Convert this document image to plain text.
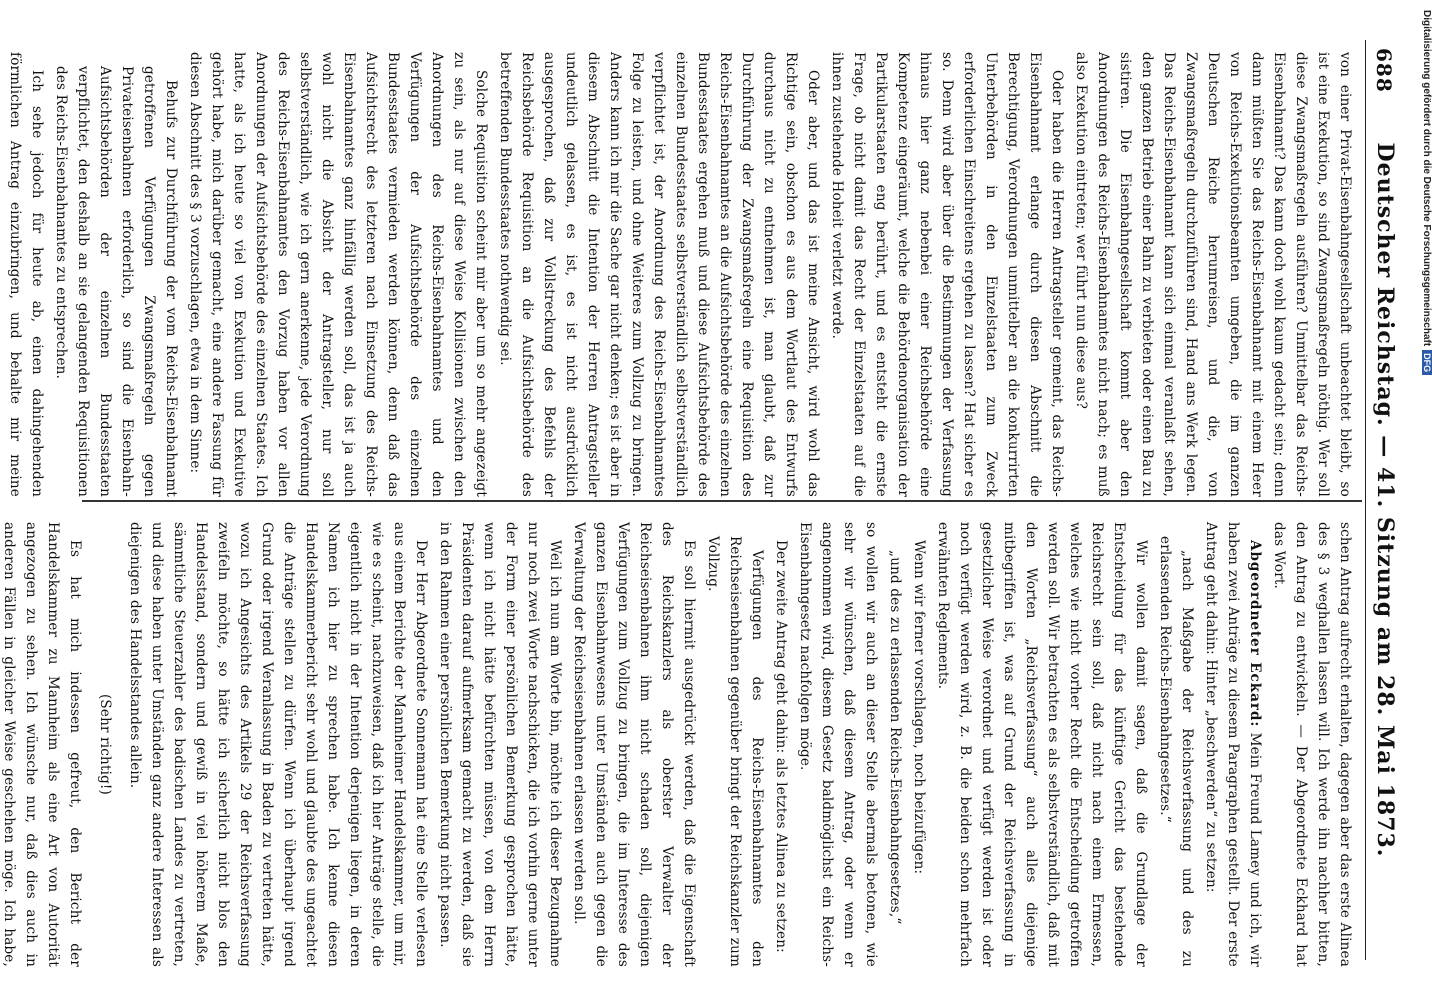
688
Deutscher Reichstag. — 41. Sitzung am 28. Mai 1873.

von einer Privat-Eisenbahngesellschaft unbeachtet bleibt, so ist eine Exekution, so sind Zwangsmaßregeln nöthig. Wer soll diese Zwangsmaßregeln ausführen? Unmittelbar das Reichs-Eisenbahnamt? Das kann doch wohl kaum gedacht sein; denn dann müßten Sie das Reichs-Eisenbahnamt mit einem Heer von Reichs-Exekutionsbeamten umgeben, die im ganzen Deutschen Reiche herumreisen, und die, von Zwangsmaßregeln durchzuführen sind, Hand ans Werk legen. Das Reichs-Eisenbahnamt kann sich einmal veranlaßt sehen, den ganzen Betrieb einer Bahn zu verbieten oder einen Bau zu sistiren. Die Eisenbahngesellschaft kommt aber den Anordnungen des Reichs-Eisenbahnamtes nicht nach; es muß also Exekution eintreten; wer führt nun diese aus?

Oder haben die Herren Antragsteller gemeint, das Reichs-Eisenbahnamt erlange durch diesen Abschnitt die Berechtigung, Verordnungen unmittelber an die konkurrirten Unterbehörden in den Einzelstaaten zum Zweck erforderlichen Einschreitens ergehen zu lassen? Hat sicher es so. Denn wird aber über die Bestimmungen der Verfassung hinaus hier ganz nebenbei einer Reichsbehörde eine Kompetenz eingeräumt, welche die Behördenorganisation der Partikularstaaten eng berührt, und es entsteht die ernste Frage, ob nicht damit das Recht der Einzelstaaten auf die ihnen zustehende Hoheit verletzt werde.

Oder aber, und das ist meine Ansicht, wird wohl das Richtige sein, obschon es aus dem Wortlaut des Entwurfs durchaus nicht zu entnehmen ist, man glaubt, daß zur Durchführung der Zwangsmaßregeln eine Requisition des Reichs-Eisenbahnamtes an die Aufsichtsbehörde des einzelnen Bundesstaates ergehen muß und diese Aufsichtsbehörde des einzelnen Bundesstaates selbstverständlich selbstverständlich verpflichtet ist, der Anordnung des Reichs-Eisenbahnamtes Folge zu leisten, und ohne Weiteres zum Vollzug zu bringen. Anders kann ich mir die Sache gar nicht denken; es ist aber in diesem Abschnitt die Intention der Herren Antragsteller undeutlich gelassen, es ist, es ist nicht ausdrücklich ausgesprochen, daß zur Vollstreckung des Befehls der Reichsbehörde Requisition an die Aufsichtsbehörde des betreffenden Bundesstaates nothwendig sei.

Solche Requisition scheint mir aber um so mehr angezeigt zu sein, als nur auf diese Weise Kollisionen zwischen den Anordnungen des Reichs-Eisenbahnamtes und den Verfügungen der Aufsichtsbehörde des einzelnen Bundesstaates vermieden werden können, denn daß das Aufsichtsrecht des letzteren nach Einsetzung des Reichs-Eisenbahnamtes ganz hinfällig werden soll, das ist ja auch wohl nicht die Absicht der Antragsteller, nur soll selbstverständlich, wie ich gern anerkenne, jede Verordnung des Reichs-Eisenbahnamtes den Vorzug haben vor allen Anordnungen der Aufsichtsbehörde des einzelnen Staates. Ich hatte, als ich heute so viel von Exekution und Exekutive gehört habe, mich darüber gemacht, eine andere Fassung für diesen Abschnitt des § 3 vorzuschlagen, etwa in dem Sinne:

Behufs zur Durchführung der vom Reichs-Eisenbahnamt getroffenen Verfügungen Zwangsmaßregeln gegen Privateisenbahnen erforderlich, so sind die Eisenbahn-Aufsichtsbehörden der einzelnen Bundesstaaten verpflichtet, den deshalb an sie gelangenden Requisitionen des Reichs-Eisenbahnamtes zu entsprechen.

Ich sehe jedoch für heute ab, einen dahingehenden förmlichen Antrag einzubringen, und behalte mir meine

schen Antrag aufrecht erhalten, dagegen aber das erste Alinea des § 3 weghallen lassen will. Ich werde ihn nachher bitten, den Antrag zu entwickeln. — Der Abgeordnete Eckhard hat das Wort.

Abgeordneter Eckard: Mein Freund Lamey und ich, wir haben zwei Anträge zu diesem Paragraphen gestellt. Der erste Antrag geht dahin: Hinter „beschwerden“ zu setzen:

„nach Maßgabe der Reichsverfassung und des zu erlassenden Reichs-Eisenbahngesetzes.“

Wir wollen damit sagen, daß die Grundlage der Entscheidung für das künftige Gericht das bestehende Reichsrecht sein soll, daß nicht nach einem Ermessen, welches wie nicht vorher Recht die Entscheidung getroffen werden soll. Wir betrachten es als selbstverständlich, daß mit den Worten „Reichsverfassung“ auch alles diejenige mitbegriffen ist, was auf Grund der Reichsverfassung in gesetzlicher Weise verordnet und verfügt werden ist oder noch verfügt werden wird, z. B. die beiden schon mehrfach erwähnten Reglements.

Wenn wir ferner vorschlagen, noch beizufügen:

„und des zu erlassenden Reichs-Eisenbahngesetzes,“

so wollen wir auch an dieser Stelle abermals betonen, wie sehr wir wünschen, daß diesem Antrag, oder wenn er angenommen wird, diesem Gesetz baldmöglichst ein Reichs-Eisenbahngesetz nachfolgen möge.

Der zweite Antrag geht dahin: als letztes Alinea zu setzen:

Verfügungen des Reichs-Eisenbahnamtes den Reichseisenbahnen gegenüber bringt der Reichskanzler zum Vollzug.

Es soll hiermit ausgedrückt werden, daß die Eigenschaft des Reichskanzlers als oberster Verwalter der Reichseisenbahnen ihm nicht schaden soll, diejenigen Verfügungen zum Vollzug zu bringen, die im Interesse des ganzen Eisenbahnwesens unter Umständen auch gegen die Verwaltung der Reichseisenbahnen erlassen werden soll.

Weil ich nun am Worte bin, möchte ich dieser Bezugnahme nur noch zwei Worte nachschicken, die ich vorhin gerne unter der Form einer persönlichen Bemerkung gesprochen hätte, wenn ich nicht hätte befürchten müssen, von dem Herrn Präsidenten darauf aufmerksam gemacht zu werden, daß sie in den Rahmen einer persönlichen Bemerkung nicht passen.

Der Herr Abgeordnete Sonnemann hat eine Stelle verlesen aus einem Berichte der Mannheimer Handelskammer, um mir, wie es scheint, nachzuweisen, daß ich hier Anträge stelle, die eigentlich nicht in der Intention derjenigen liegen, in deren Namen ich hier zu sprechen habe. Ich kenne diesen Handelskammerbericht sehr wohl und glaubte des ungeachtet die Anträge stellen zu dürfen. Wenn ich überhaupt irgend Grund oder irgend Veranlassung in Baden zu vertreten hätte, wozu ich Angesichts des Artikels 29 der Reichsverfassung zweifeln möchte, so hätte ich sicherlich nicht blos den Handelsstand, sondern und gewiß in viel höherem Maße, sämmtliche Steuerzahler des badischen Landes zu vertreten, und diese haben unter Umständen ganz andere Interessen als diejenigen des Handelsstandes allein.

(Sehr richtig!)

Es hat mich indessen gefreut, den Bericht der Handelskammer zu Mannheim als eine Art von Autorität angezogen zu sehen. Ich wünsche nur, daß dies auch in anderen Fällen in gleicher Weise geschehen möge. Ich habe,

Digitalisierung gefördert durch die Deutsche ForschungsgemeinschaftDFG
